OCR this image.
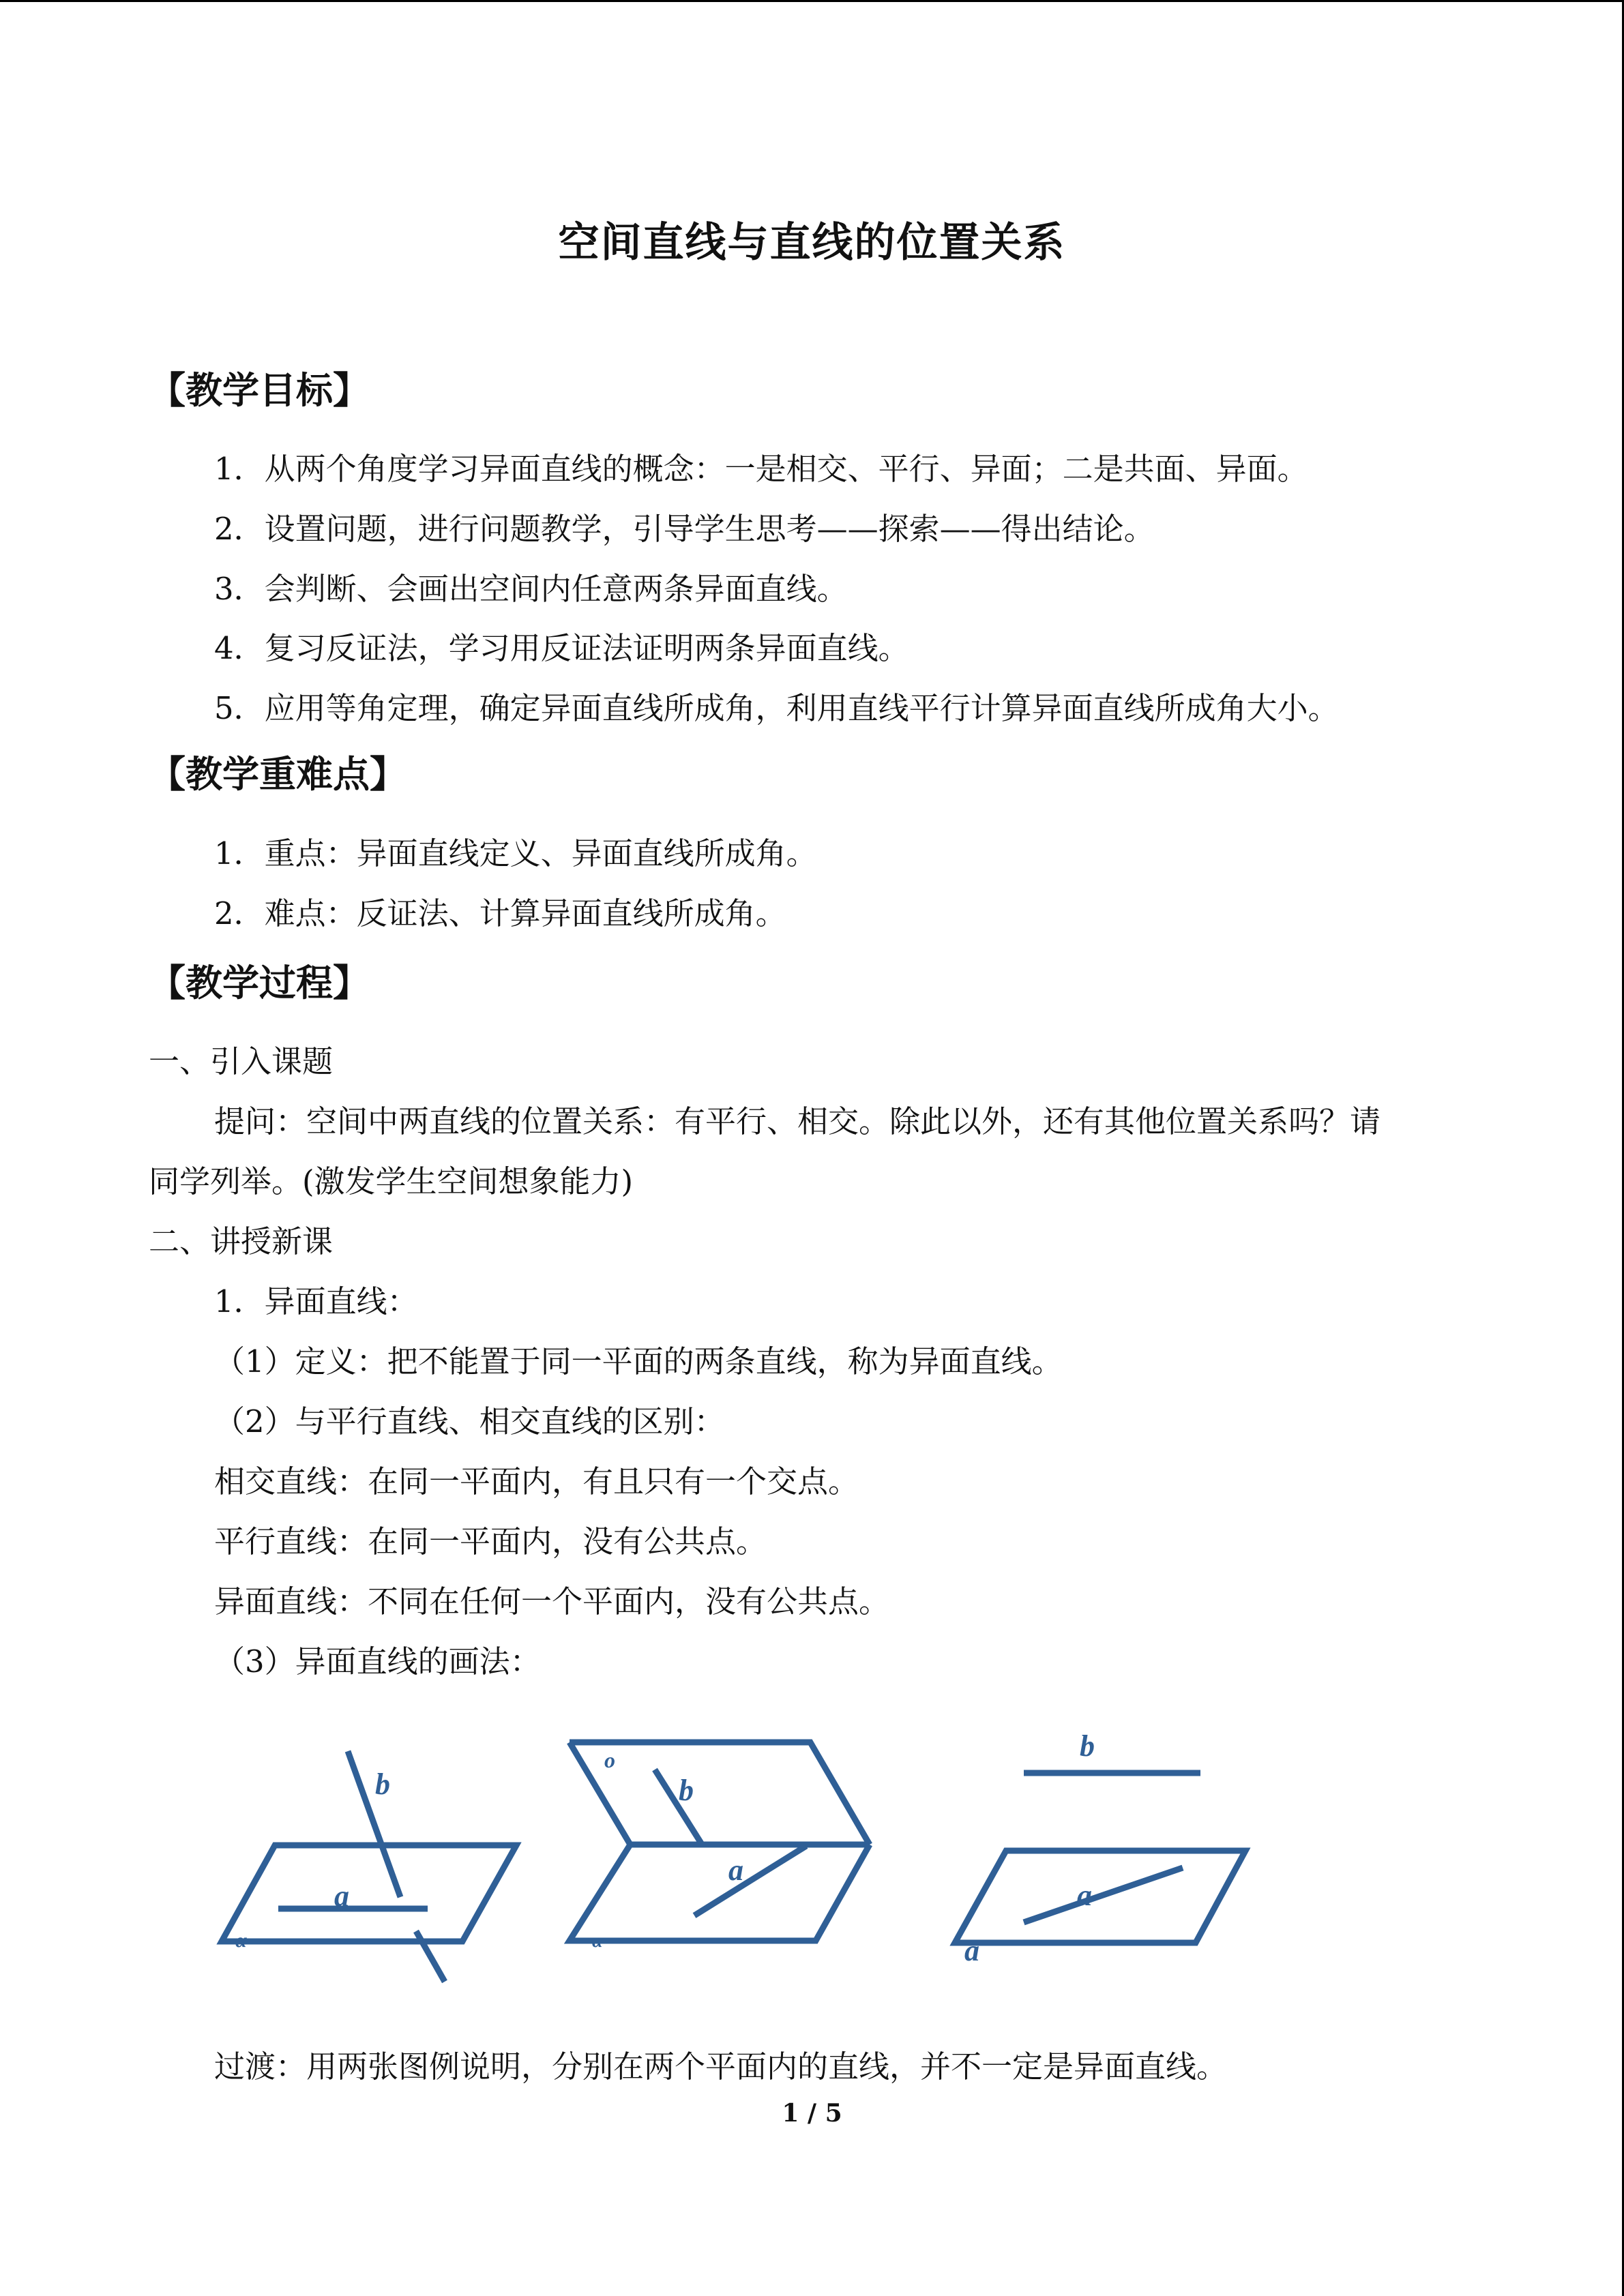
空间直线与直线的位置关系
【教学目标】
1．从两个角度学习异面直线的概念：一是相交、平行、异面；二是共面、异面。
2．设置问题，进行问题教学，引导学生思考——探索——得出结论。
3．会判断、会画出空间内任意两条异面直线。
4．复习反证法，学习用反证法证明两条异面直线。
5．应用等角定理，确定异面直线所成角，利用直线平行计算异面直线所成角大小。
【教学重难点】
1．重点：异面直线定义、异面直线所成角。
2．难点：反证法、计算异面直线所成角。
【教学过程】
一、引入课题
提问：空间中两直线的位置关系：有平行、相交。除此以外，还有其他位置关系吗？请
同学列举。(激发学生空间想象能力)
二、讲授新课
1．异面直线：
（1）定义：把不能置于同一平面的两条直线，称为异面直线。
（2）与平行直线、相交直线的区别：
相交直线：在同一平面内，有且只有一个交点。
平行直线：在同一平面内，没有公共点。
异面直线：不同在任何一个平面内，没有公共点。
（3）异面直线的画法：
b
a
α
b
a
o
α
b
a
a
过渡：用两张图例说明，分别在两个平面内的直线，并不一定是异面直线。
1 / 5
